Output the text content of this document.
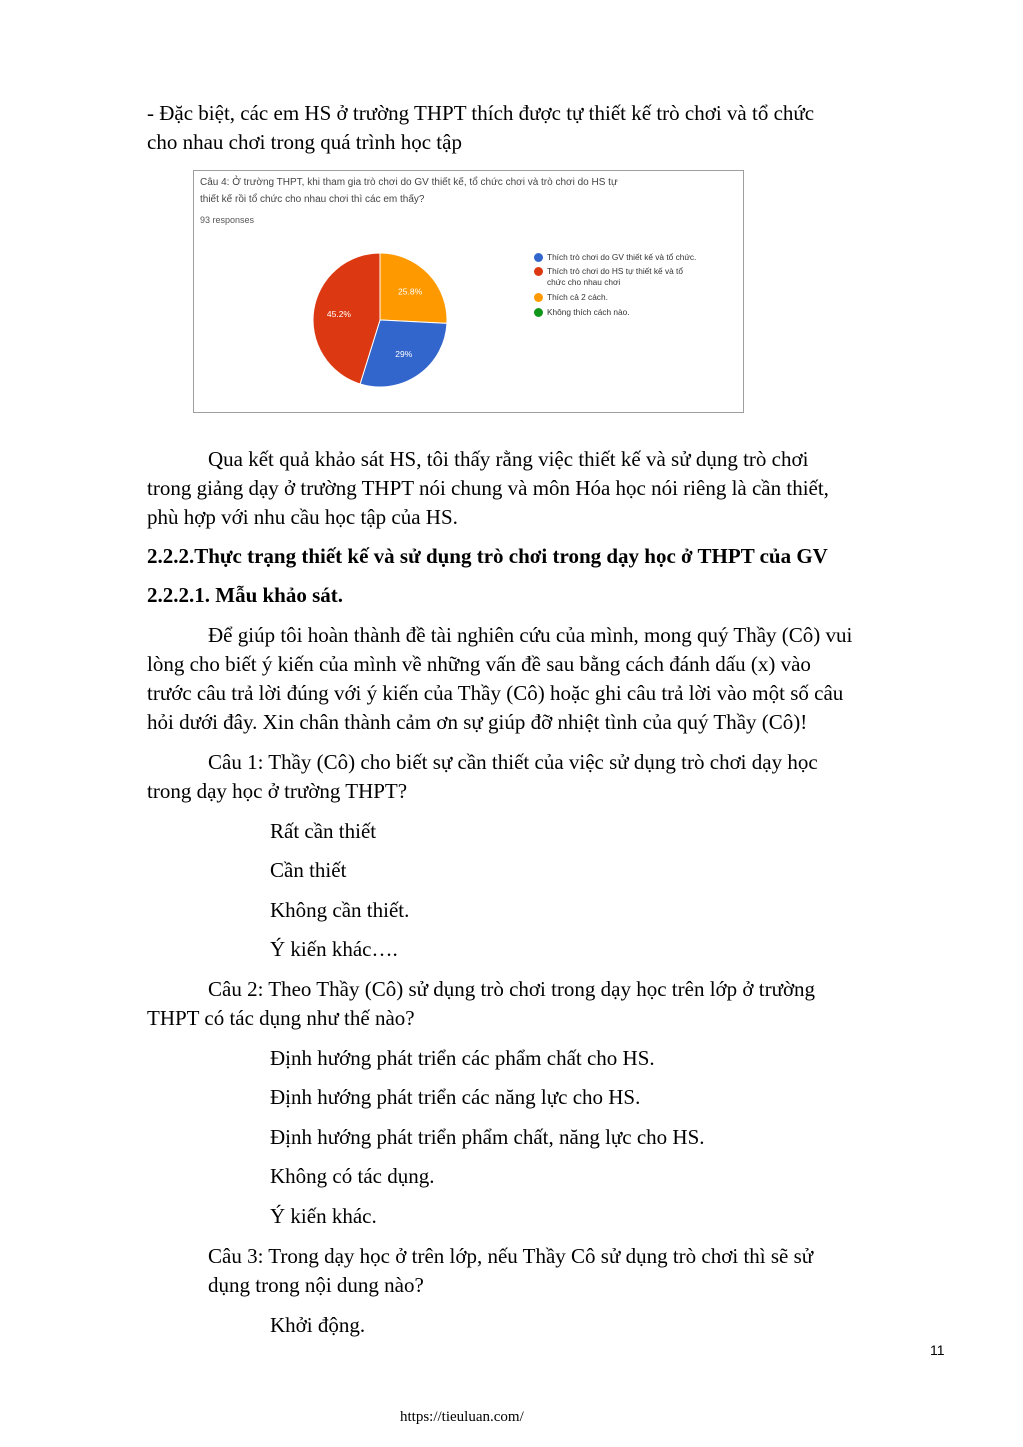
- Đặc biệt, các em HS ở trường THPT thích được tự thiết kế trò chơi và tổ chức
cho nhau chơi trong quá trình học tập
Câu 4: Ở trường THPT, khi tham gia trò chơi do GV thiết kế, tổ chức chơi và trò chơi do HS tự
thiết kế rồi tổ chức cho nhau chơi thì các em thấy?
93 responses
25.8%
29%
45.2%
Thích trò chơi do GV thiết kế và tổ chức.
Thích trò chơi do HS tự thiết kế và tổ
chức cho nhau chơi
Thích cả 2 cách.
Không thích cách nào.
Qua kết quả khảo sát HS, tôi thấy rằng việc thiết kế và sử dụng trò chơi
trong giảng dạy ở trường THPT nói chung và môn Hóa học nói riêng là cần thiết,
phù hợp với nhu cầu học tập của HS.
2.2.2.Thực trạng thiết kế và sử dụng trò chơi trong dạy học ở THPT của GV
2.2.2.1. Mẫu khảo sát.
Để giúp tôi hoàn thành đề tài nghiên cứu của mình, mong quý Thầy (Cô) vui
lòng cho biết ý kiến của mình về những vấn đề sau bằng cách đánh dấu (x) vào
trước câu trả lời đúng với ý kiến của Thầy (Cô) hoặc ghi câu trả lời vào một số câu
hỏi dưới đây. Xin chân thành cảm ơn sự giúp đỡ nhiệt tình của quý Thầy (Cô)!
Câu 1: Thầy (Cô) cho biết sự cần thiết của việc sử dụng trò chơi dạy học
trong dạy học ở trường THPT?
Rất cần thiết
Cần thiết
Không cần thiết.
Ý kiến khác….
Câu 2: Theo Thầy (Cô) sử dụng trò chơi trong dạy học trên lớp ở trường
THPT có tác dụng như thế nào?
Định hướng phát triển các phẩm chất cho HS.
Định hướng phát triển các năng lực cho HS.
Định hướng phát triển phẩm chất, năng lực cho HS.
Không có tác dụng.
Ý kiến khác.
Câu 3: Trong dạy học ở trên lớp, nếu Thầy Cô sử dụng trò chơi thì sẽ sử
dụng trong nội dung nào?
Khởi động.
11
https://tieuluan.com/
